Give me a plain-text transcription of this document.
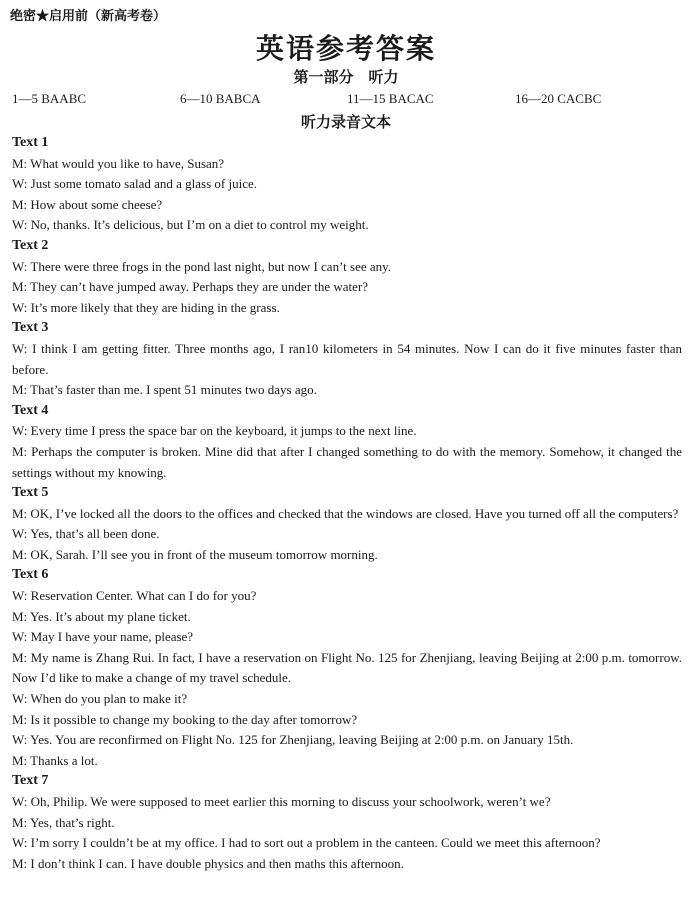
绝密★启用前（新高考卷）
英语参考答案
第一部分　听力
1—5 BAABC	6—10 BABCA	11—15 BACAC	16—20 CACBC
听力录音文本
Text 1
M: What would you like to have, Susan?
W: Just some tomato salad and a glass of juice.
M: How about some cheese?
W: No, thanks. It’s delicious, but I’m on a diet to control my weight.
Text 2
W: There were three frogs in the pond last night, but now I can’t see any.
M: They can’t have jumped away. Perhaps they are under the water?
W: It’s more likely that they are hiding in the grass.
Text 3
W: I think I am getting fitter. Three months ago, I ran10 kilometers in 54 minutes. Now I can do it five minutes faster than before.
M: That’s faster than me. I spent 51 minutes two days ago.
Text 4
W: Every time I press the space bar on the keyboard, it jumps to the next line.
M: Perhaps the computer is broken. Mine did that after I changed something to do with the memory. Somehow, it changed the settings without my knowing.
Text 5
M: OK, I’ve locked all the doors to the offices and checked that the windows are closed. Have you turned off all the computers?
W: Yes, that’s all been done.
M: OK, Sarah. I’ll see you in front of the museum tomorrow morning.
Text 6
W: Reservation Center. What can I do for you?
M: Yes. It’s about my plane ticket.
W: May I have your name, please?
M: My name is Zhang Rui. In fact, I have a reservation on Flight No. 125 for Zhenjiang, leaving Beijing at 2:00 p.m. tomorrow. Now I’d like to make a change of my travel schedule.
W: When do you plan to make it?
M: Is it possible to change my booking to the day after tomorrow?
W: Yes. You are reconfirmed on Flight No. 125 for Zhenjiang, leaving Beijing at 2:00 p.m. on January 15th.
M: Thanks a lot.
Text 7
W: Oh, Philip. We were supposed to meet earlier this morning to discuss your schoolwork, weren’t we?
M: Yes, that’s right.
W: I’m sorry I couldn’t be at my office. I had to sort out a problem in the canteen. Could we meet this afternoon?
M: I don’t think I can. I have double physics and then maths this afternoon.
